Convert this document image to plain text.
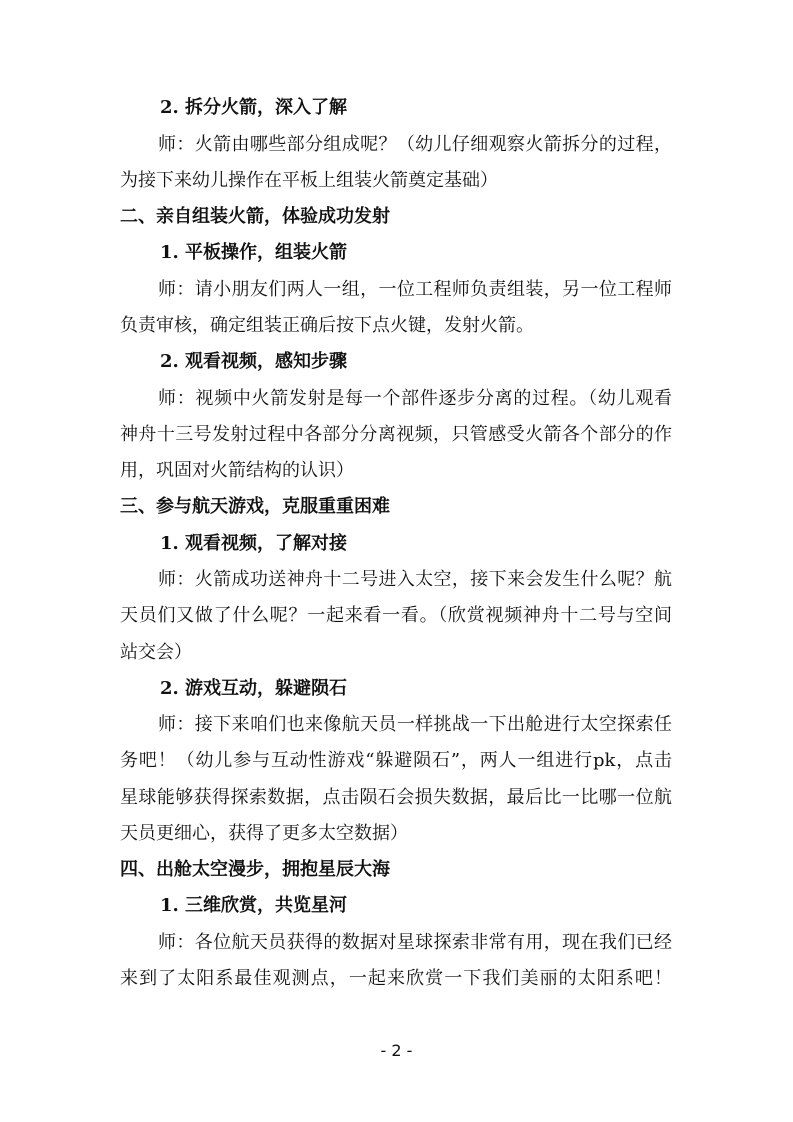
2. 拆分火箭，深入了解
师：火箭由哪些部分组成呢？（幼儿仔细观察火箭拆分的过程，
为接下来幼儿操作在平板上组装火箭奠定基础）
二、亲自组装火箭，体验成功发射
1. 平板操作，组装火箭
师：请小朋友们两人一组，一位工程师负责组装，另一位工程师
负责审核，确定组装正确后按下点火键，发射火箭。
2. 观看视频，感知步骤
师：视频中火箭发射是每一个部件逐步分离的过程。（幼儿观看
神舟十三号发射过程中各部分分离视频，只管感受火箭各个部分的作
用，巩固对火箭结构的认识）
三、参与航天游戏，克服重重困难
1. 观看视频，了解对接
师：火箭成功送神舟十二号进入太空，接下来会发生什么呢？航
天员们又做了什么呢？一起来看一看。（欣赏视频神舟十二号与空间
站交会）
2. 游戏互动，躲避陨石
师：接下来咱们也来像航天员一样挑战一下出舱进行太空探索任
务吧！（幼儿参与互动性游戏“躲避陨石”，两人一组进行pk，点击
星球能够获得探索数据，点击陨石会损失数据，最后比一比哪一位航
天员更细心，获得了更多太空数据）
四、出舱太空漫步，拥抱星辰大海
1. 三维欣赏，共览星河
师：各位航天员获得的数据对星球探索非常有用，现在我们已经
来到了太阳系最佳观测点，一起来欣赏一下我们美丽的太阳系吧！
- 2 -
